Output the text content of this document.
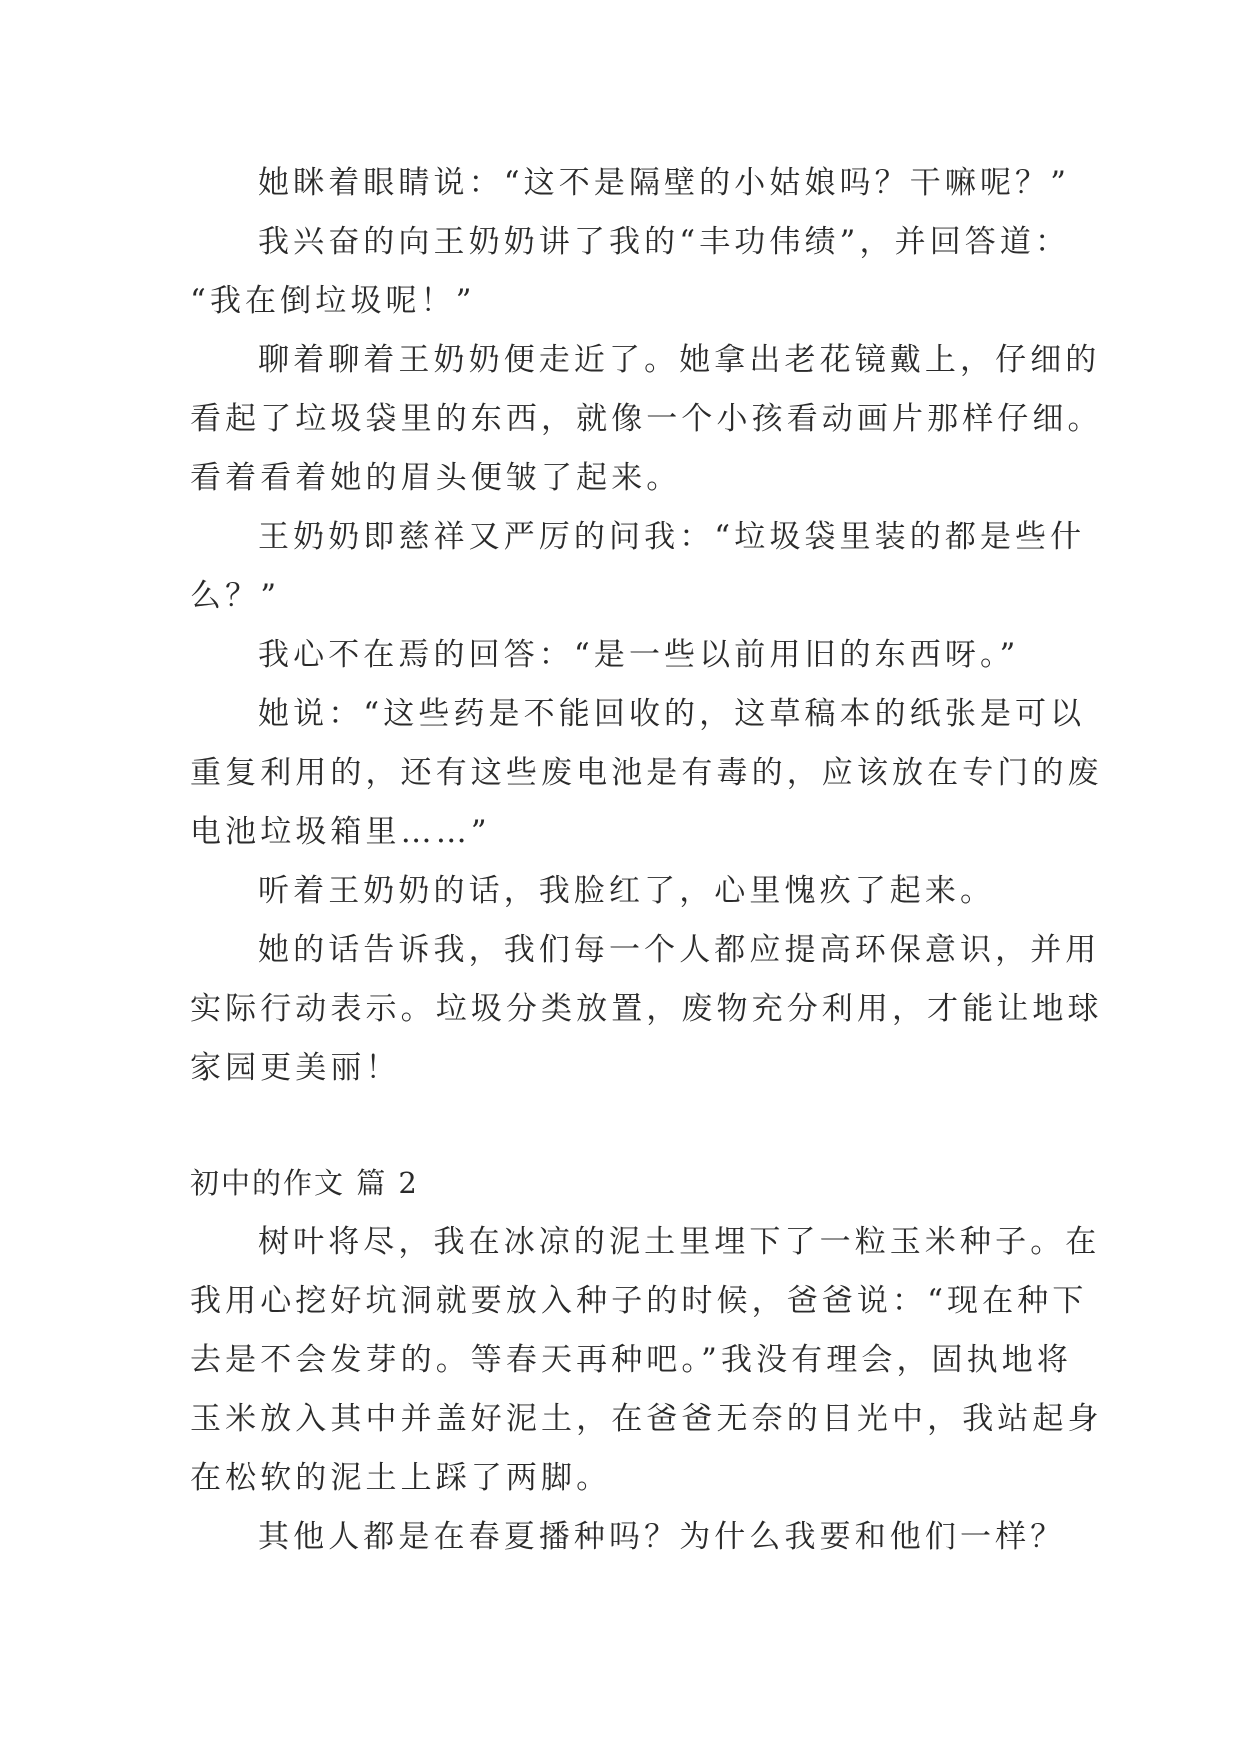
她眯着眼睛说：“这不是隔壁的小姑娘吗？干嘛呢？”
我兴奋的向王奶奶讲了我的“丰功伟绩”，并回答道：
“我在倒垃圾呢！”
聊着聊着王奶奶便走近了。她拿出老花镜戴上，仔细的
看起了垃圾袋里的东西，就像一个小孩看动画片那样仔细。
看着看着她的眉头便皱了起来。
王奶奶即慈祥又严厉的问我：“垃圾袋里装的都是些什
么？”
我心不在焉的回答：“是一些以前用旧的东西呀。”
她说：“这些药是不能回收的，这草稿本的纸张是可以
重复利用的，还有这些废电池是有毒的，应该放在专门的废
电池垃圾箱里……”
听着王奶奶的话，我脸红了，心里愧疚了起来。
她的话告诉我，我们每一个人都应提高环保意识，并用
实际行动表示。垃圾分类放置，废物充分利用，才能让地球
家园更美丽！
初中的作文 篇 2
树叶将尽，我在冰凉的泥土里埋下了一粒玉米种子。在
我用心挖好坑洞就要放入种子的时候，爸爸说：“现在种下
去是不会发芽的。等春天再种吧。”我没有理会，固执地将
玉米放入其中并盖好泥土，在爸爸无奈的目光中，我站起身
在松软的泥土上踩了两脚。
其他人都是在春夏播种吗？为什么我要和他们一样？
